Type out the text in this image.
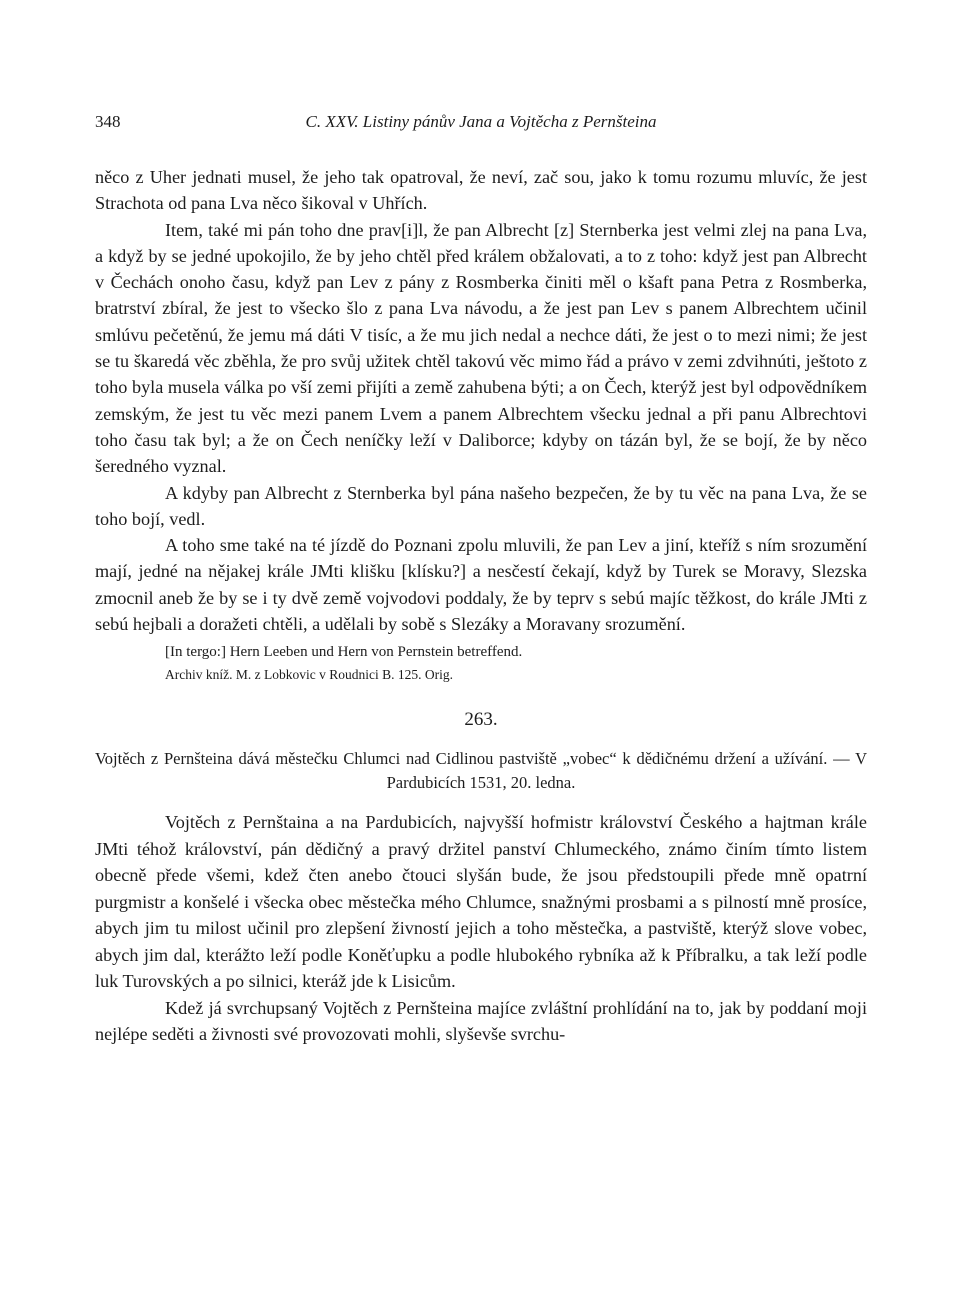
348	C. XXV. Listiny pánův Jana a Vojtěcha z Pernšteina

něco z Uher jednati musel, že jeho tak opatroval, že neví, zač sou, jako k tomu rozumu mluvíc, že jest Strachota od pana Lva něco šikoval v Uhřích.

Item, také mi pán toho dne prav[i]l, že pan Albrecht [z] Sternberka jest velmi zlej na pana Lva, a když by se jedné upokojilo, že by jeho chtěl před králem obžalovati, a to z toho: když jest pan Albrecht v Čechách onoho času, když pan Lev z pány z Rosmberka činiti měl o kšaft pana Petra z Rosmberka, bratrství zbíral, že jest to všecko šlo z pana Lva návodu, a že jest pan Lev s panem Albrechtem učinil smlúvu pečetěnú, že jemu má dáti V tisíc, a že mu jich nedal a nechce dáti, že jest o to mezi nimi; že jest se tu škaredá věc zběhla, že pro svůj užitek chtěl takovú věc mimo řád a právo v zemi zdvihnúti, ještoto z toho byla musela válka po vší zemi přijíti a země zahubena býti; a on Čech, kterýž jest byl odpovědníkem zemským, že jest tu věc mezi panem Lvem a panem Albrechtem všecku jednal a při panu Albrechtovi toho času tak byl; a že on Čech neníčky leží v Daliborce; kdyby on tázán byl, že se bojí, že by něco šeredného vyznal.

A kdyby pan Albrecht z Sternberka byl pána našeho bezpečen, že by tu věc na pana Lva, že se toho bojí, vedl.

A toho sme také na té jízdě do Poznani zpolu mluvili, že pan Lev a jiní, kteříž s ním srozumění mají, jedné na nějakej krále JMti klišku [klísku?] a nesčestí čekají, když by Turek se Moravy, Slezska zmocnil aneb že by se i ty dvě země vojvodovi poddaly, že by teprv s sebú majíc těžkost, do krále JMti z sebú hejbali a doražeti chtěli, a udělali by sobě s Slezáky a Moravany srozumění.

[In tergo:] Hern Leeben und Hern von Pernstein betreffend.

Archiv kníž. M. z Lobkovic v Roudnici B. 125. Orig.

263.

Vojtěch z Pernšteina dává městečku Chlumci nad Cidlinou pastviště „vobec“ k dědičnému držení a užívání. — V Pardubicích 1531, 20. ledna.

Vojtěch z Pernštaina a na Pardubicích, najvyšší hofmistr království Českého a hajtman krále JMti téhož království, pán dědičný a pravý držitel panství Chlumeckého, známo činím tímto listem obecně přede všemi, kdež čten anebo čtouci slyšán bude, že jsou předstoupili přede mně opatrní purgmistr a konšelé i všecka obec městečka mého Chlumce, snažnými prosbami a s pilností mně prosíce, abych jim tu milost učinil pro zlepšení živností jejich a toho městečka, a pastviště, kterýž slove vobec, abych jim dal, kterážto leží podle Koněťupku a podle hlubokého rybníka až k Příbralku, a tak leží podle luk Turovských a po silnici, kteráž jde k Lisicům.

Kdež já svrchupsaný Vojtěch z Pernšteina majíce zvláštní prohlídání na to, jak by poddaní moji nejlépe seděti a živnosti své provozovati mohli, slyševše svrchu-
